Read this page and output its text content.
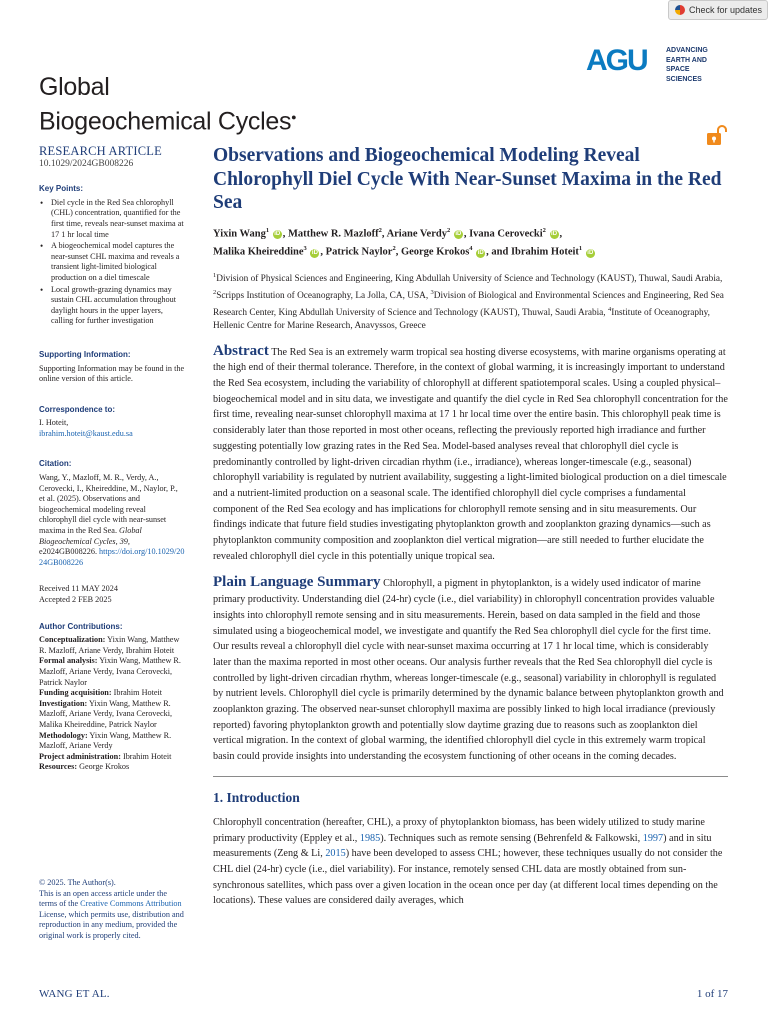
Check for updates
AGU	ADVANCING
EARTH AND
SPACE SCIENCES
Global
Biogeochemical Cycles●
RESEARCH ARTICLE
10.1029/2024GB008226
Key Points:
• Diel cycle in the Red Sea chlorophyll (CHL) concentration, quantified for the first time, reveals near-sunset maxima at 17 1 hr local time
• A biogeochemical model captures the near-sunset CHL maxima and reveals a transient light-limited biological production on a diel timescale
• Local growth-grazing dynamics may sustain CHL accumulation throughout daylight hours in the upper layers, calling for further investigation
Supporting Information:

Supporting Information may be found in the online version of this article.

Correspondence to:

I. Hoteit,

ibrahim.hoteit@kaust.edu.sa

Citation:

Wang, Y., Mazloff, M. R., Verdy, A., Cerovecki, I., Kheireddine, M., Naylor, P., et al. (2025). Observations and biogeochemical modeling reveal chlorophyll diel cycle with near-sunset maxima in the Red Sea. Global Biogeochemical Cycles, 39, e2024GB008226. https://doi.org/10.1029/2024GB008226

Received 11 MAY 2024

Accepted 2 FEB 2025

Author Contributions:

Conceptualization: Yixin Wang, Matthew R. Mazloff, Ariane Verdy, Ibrahim Hoteit

Formal analysis: Yixin Wang, Matthew R. Mazloff, Ariane Verdy, Ivana Cerovecki, Patrick Naylor

Funding acquisition: Ibrahim Hoteit

Investigation: Yixin Wang, Matthew R. Mazloff, Ariane Verdy, Ivana Cerovecki, Malika Kheireddine, Patrick Naylor

Methodology: Yixin Wang, Matthew R. Mazloff, Ariane Verdy

Project administration: Ibrahim Hoteit

Resources: George Krokos

© 2025. The Author(s).

This is an open access article under the terms of the Creative Commons Attribution License, which permits use, distribution and reproduction in any medium, provided the original work is properly cited.

Observations and Biogeochemical Modeling Reveal Chlorophyll Diel Cycle With Near-Sunset Maxima in the Red Sea
Yixin Wang$^1$ iD , Matthew R. Mazloff$^2$, Ariane Verdy$^2$ iD , Ivana Cerovecki$^2$ iD ,
Malika Kheireddine$^3$ iD , Patrick Naylor$^2$, George Krokos$^4$ iD , and Ibrahim Hoteit$^1$ iD
$^1$Division of Physical Sciences and Engineering, King Abdullah University of Science and Technology (KAUST), Thuwal, Saudi Arabia, $^2$Scripps Institution of Oceanography, La Jolla, CA, USA, $^3$Division of Biological and Environmental Sciences and Engineering, Red Sea Research Center, King Abdullah University of Science and Technology (KAUST), Thuwal, Saudi Arabia, $^4$Institute of Oceanography, Hellenic Centre for Marine Research, Anavyssos, Greece

Abstract The Red Sea is an extremely warm tropical sea hosting diverse ecosystems, with marine organisms operating at the high end of their thermal tolerance. Therefore, in the context of global warming, it is increasingly important to understand the Red Sea ecosystem, including the variability of chlorophyll at different spatiotemporal scales. Using a coupled physical–biogeochemical model and in situ data, we investigate and quantify the diel cycle in Red Sea chlorophyll concentration for the first time, revealing near-sunset chlorophyll maxima at 17 1 hr local time over the entire basin. This chlorophyll peak time is considerably later than those reported in most other oceans, reflecting the previously reported high irradiance and further suggesting potentially low grazing rates in the Red Sea. Model-based analyses reveal that chlorophyll diel cycle is predominantly controlled by light-driven circadian rhythm (i.e., irradiance), whereas longer-timescale (e.g., seasonal) chlorophyll variability is regulated by nutrient availability, suggesting a light-limited biological production on a diel timescale and a nutrient-limited production on a seasonal scale. The identified chlorophyll diel cycle comprises a fundamental component of the Red Sea ecology and has implications for chlorophyll remote sensing and in situ measurements. Our findings indicate that future field studies investigating phytoplankton growth and zooplankton grazing dynamics—such as phytoplankton community composition and zooplankton diel vertical migration—are still needed to further elucidate the revealed chlorophyll diel cycle in this potentially unique tropical sea.

Plain Language Summary Chlorophyll, a pigment in phytoplankton, is a widely used indicator of marine primary productivity. Understanding diel (24-hr) cycle (i.e., diel variability) in chlorophyll concentration provides valuable insights into chlorophyll remote sensing and in situ measurements. Herein, based on data sampled in the field and those simulated using a biogeochemical model, we investigate and quantify the Red Sea chlorophyll diel cycle for the first time. Our results reveal a chlorophyll diel cycle with near-sunset maxima occurring at 17 1 hr local time, which is considerably later than the maxima reported in most other oceans. Our analysis further reveals that the Red Sea chlorophyll diel cycle is controlled by light-driven circadian rhythm, whereas longer-timescale (e.g., seasonal) variability in chlorophyll is regulated by nutrient levels. Chlorophyll diel cycle is primarily determined by the dynamic balance between phytoplankton growth and zooplankton grazing. The observed near-sunset chlorophyll maxima are possibly linked to high local irradiance (previously reported) favoring phytoplankton growth and potentially slow daytime grazing due to reasons such as zooplankton diel vertical migration. In the context of global warming, the identified chlorophyll diel cycle in this extremely warm tropical basin could provide insights into understanding the ecosystem functioning of other oceans in the coming decades.

1. Introduction

Chlorophyll concentration (hereafter, CHL), a proxy of phytoplankton biomass, has been widely utilized to study marine primary productivity (Eppley et al., 1985). Techniques such as remote sensing (Behrenfeld & Falkowski, 1997) and in situ measurements (Zeng & Li, 2015) have been developed to assess CHL; however, these techniques usually do not consider the CHL diel (24-hr) cycle (i.e., diel variability). For instance, remotely sensed CHL data are mostly obtained from sun-synchronous satellites, which pass over a given location in the ocean once per day (at different local times depending on the locations). These values are considered daily averages, which

WANG ET AL.	1 of 17
